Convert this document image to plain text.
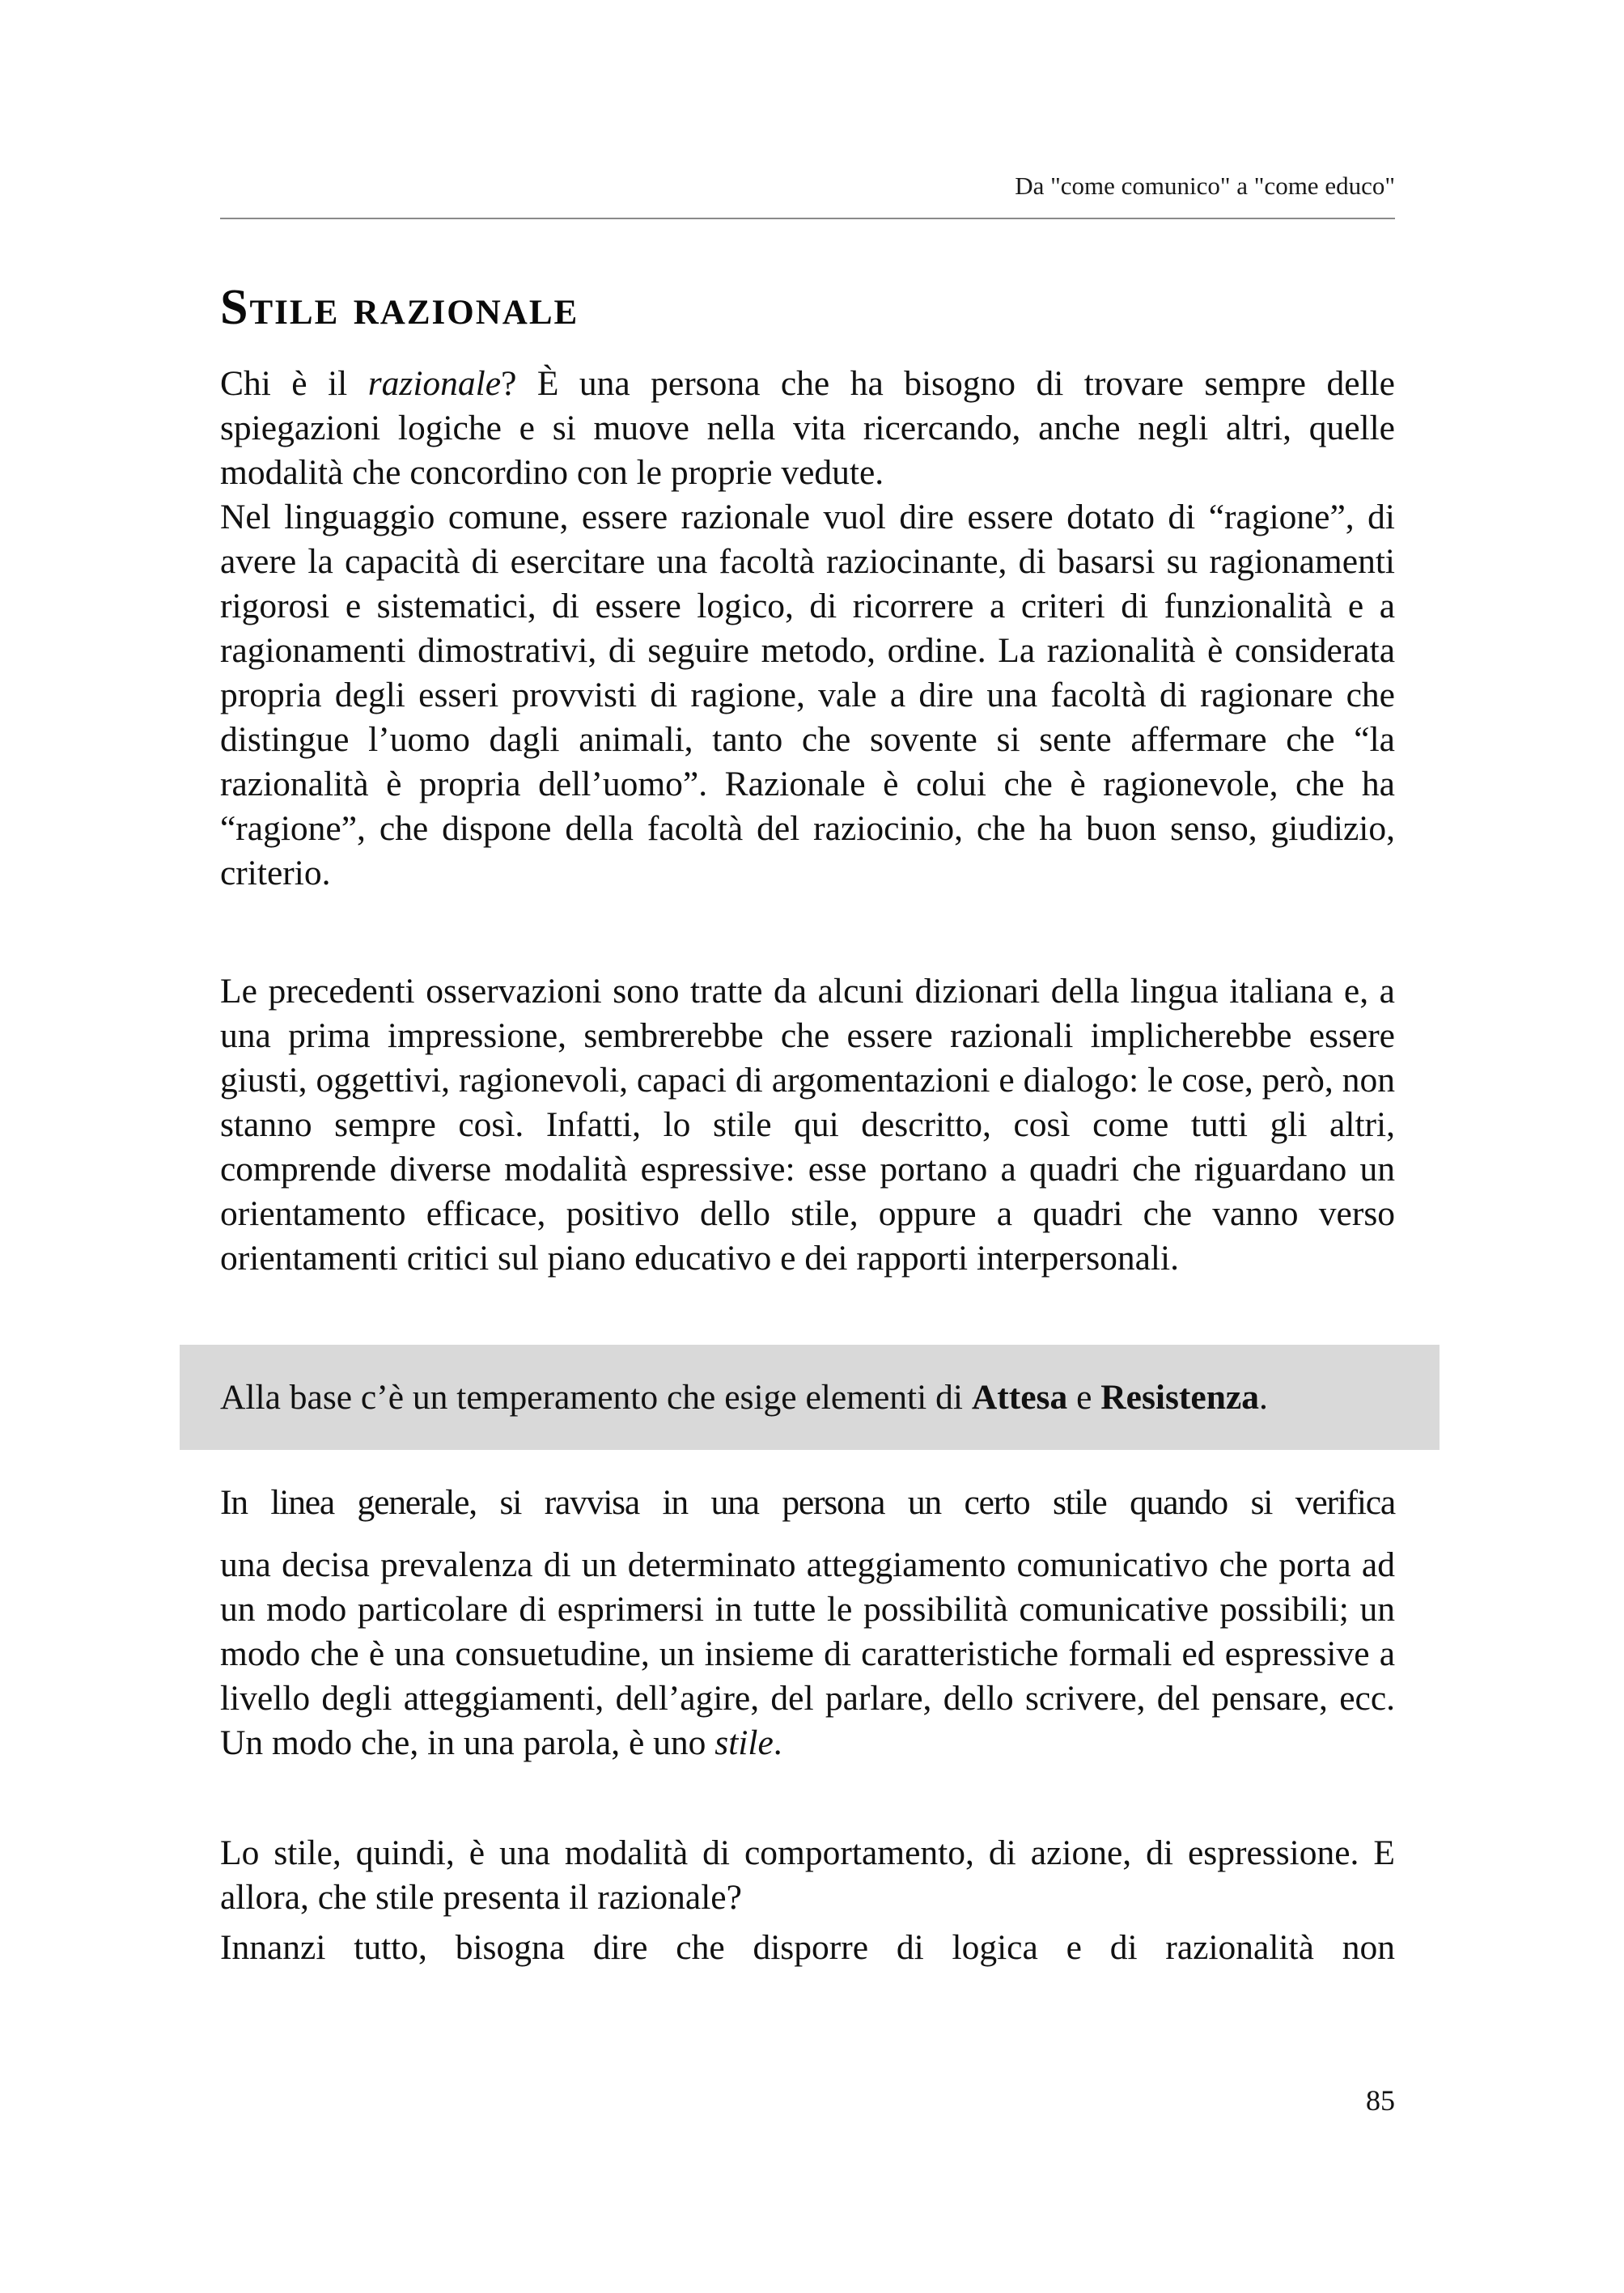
Da "come comunico" a "come educo"
Stile razionale

Chi è il razionale? È una persona che ha bisogno di trovare sempre delle spiegazioni logiche e si muove nella vita ricercando, anche negli altri, quelle modalità che concordino con le proprie vedute.

Nel linguaggio comune, essere razionale vuol dire essere dotato di “ragione”, di avere la capacità di esercitare una facoltà raziocinante, di basarsi su ragionamenti rigorosi e sistematici, di essere logico, di ricorrere a criteri di funzionalità e a ragionamenti dimostrativi, di seguire metodo, ordine. La razionalità è considerata propria degli esseri provvisti di ragione, vale a dire una facoltà di ragionare che distingue l’uomo dagli animali, tanto che sovente si sente affermare che “la razionalità è propria dell’uomo”. Razionale è colui che è ragionevole, che ha “ragione”, che dispone della facoltà del raziocinio, che ha buon senso, giudizio, criterio.

Le precedenti osservazioni sono tratte da alcuni dizionari della lingua italiana e, a una prima impressione, sembrerebbe che essere razionali implicherebbe essere giusti, oggettivi, ragionevoli, capaci di argomentazioni e dialogo: le cose, però, non stanno sempre così. Infatti, lo stile qui descritto, così come tutti gli altri, comprende diverse modalità espressive: esse portano a quadri che riguardano un orientamento efficace, positivo dello stile, oppure a quadri che vanno verso orientamenti critici sul piano educativo e dei rapporti interpersonali.

Alla base c’è un temperamento che esige elementi di Attesa e Resistenza.

In linea generale, si ravvisa in una persona un certo stile quando si verifica

una decisa prevalenza di un determinato atteggiamento comunicativo che porta ad un modo particolare di esprimersi in tutte le possibilità comunicative possibili; un modo che è una consuetudine, un insieme di caratteristiche formali ed espressive a livello degli atteggiamenti, dell’agire, del parlare, dello scrivere, del pensare, ecc. Un modo che, in una parola, è uno stile.

Lo stile, quindi, è una modalità di comportamento, di azione, di espressione. E allora, che stile presenta il razionale?

Innanzi tutto, bisogna dire che disporre di logica e di razionalità non

85
